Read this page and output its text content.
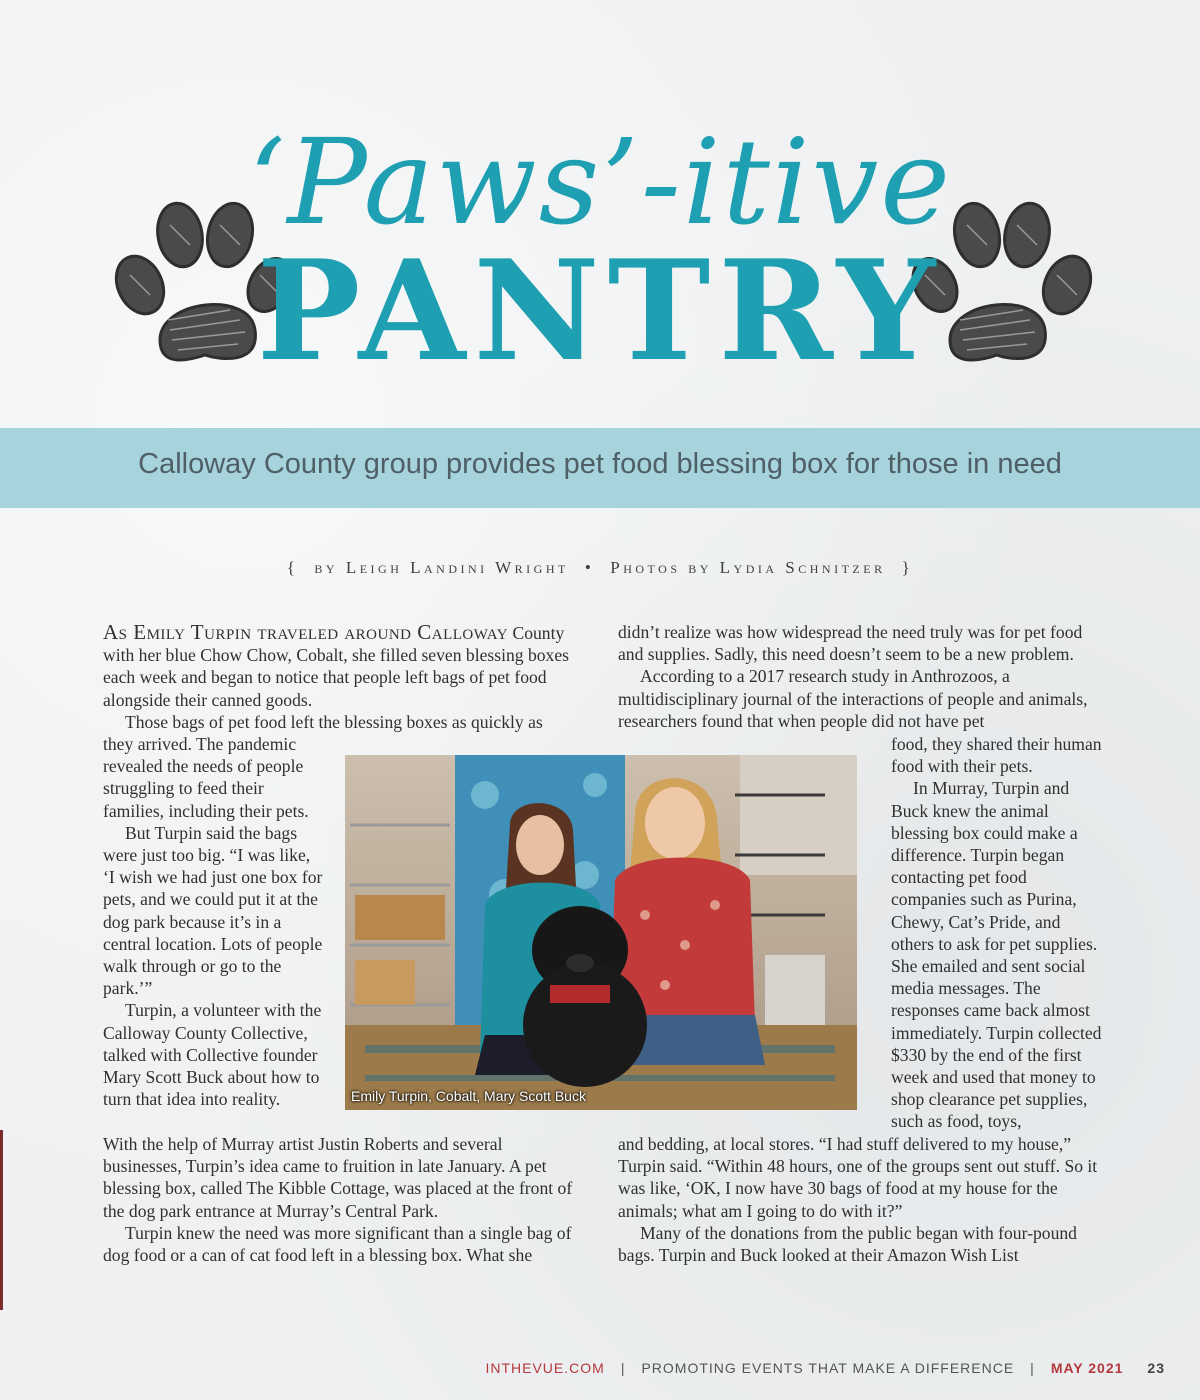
‘Paws’-itive
PANTRY
Calloway County group provides pet food blessing box for those in need
{ by Leigh Landini Wright • Photos by Lydia Schnitzer }

As Emily Turpin traveled around Calloway County with her blue Chow Chow, Cobalt, she filled seven blessing boxes each week and began to notice that people left bags of pet food alongside their canned goods.

Those bags of pet food left the blessing boxes as quickly as

they arrived. The pandemic revealed the needs of people struggling to feed their families, including their pets.

But Turpin said the bags were just too big. “I was like, ‘I wish we had just one box for pets, and we could put it at the dog park because it’s in a central location. Lots of people walk through or go to the park.’”

Turpin, a volunteer with the Calloway County Collective, talked with Collective founder Mary Scott Buck about how to turn that idea into reality.

With the help of Murray artist Justin Roberts and several businesses, Turpin’s idea came to fruition in late January. A pet blessing box, called The Kibble Cottage, was placed at the front of the dog park entrance at Murray’s Central Park.

Turpin knew the need was more significant than a single bag of dog food or a can of cat food left in a blessing box. What she

didn’t realize was how widespread the need truly was for pet food and supplies. Sadly, this need doesn’t seem to be a new problem.

According to a 2017 research study in Anthrozoos, a multidisciplinary journal of the interactions of people and animals, researchers found that when people did not have pet

food, they shared their human food with their pets.

In Murray, Turpin and Buck knew the animal blessing box could make a difference. Turpin began contacting pet food companies such as Purina, Chewy, Cat’s Pride, and others to ask for pet supplies. She emailed and sent social media messages. The responses came back almost immediately. Turpin collected $330 by the end of the first week and used that money to shop clearance pet supplies, such as food, toys,

and bedding, at local stores. “I had stuff delivered to my house,” Turpin said. “Within 48 hours, one of the groups sent out stuff. So it was like, ‘OK, I now have 30 bags of food at my house for the animals; what am I going to do with it?”

Many of the donations from the public began with four-pound bags. Turpin and Buck looked at their Amazon Wish List

Emily Turpin, Cobalt, Mary Scott Buck
INTHEVUE.COM | PROMOTING EVENTS THAT MAKE A DIFFERENCE | MAY 2021 23
